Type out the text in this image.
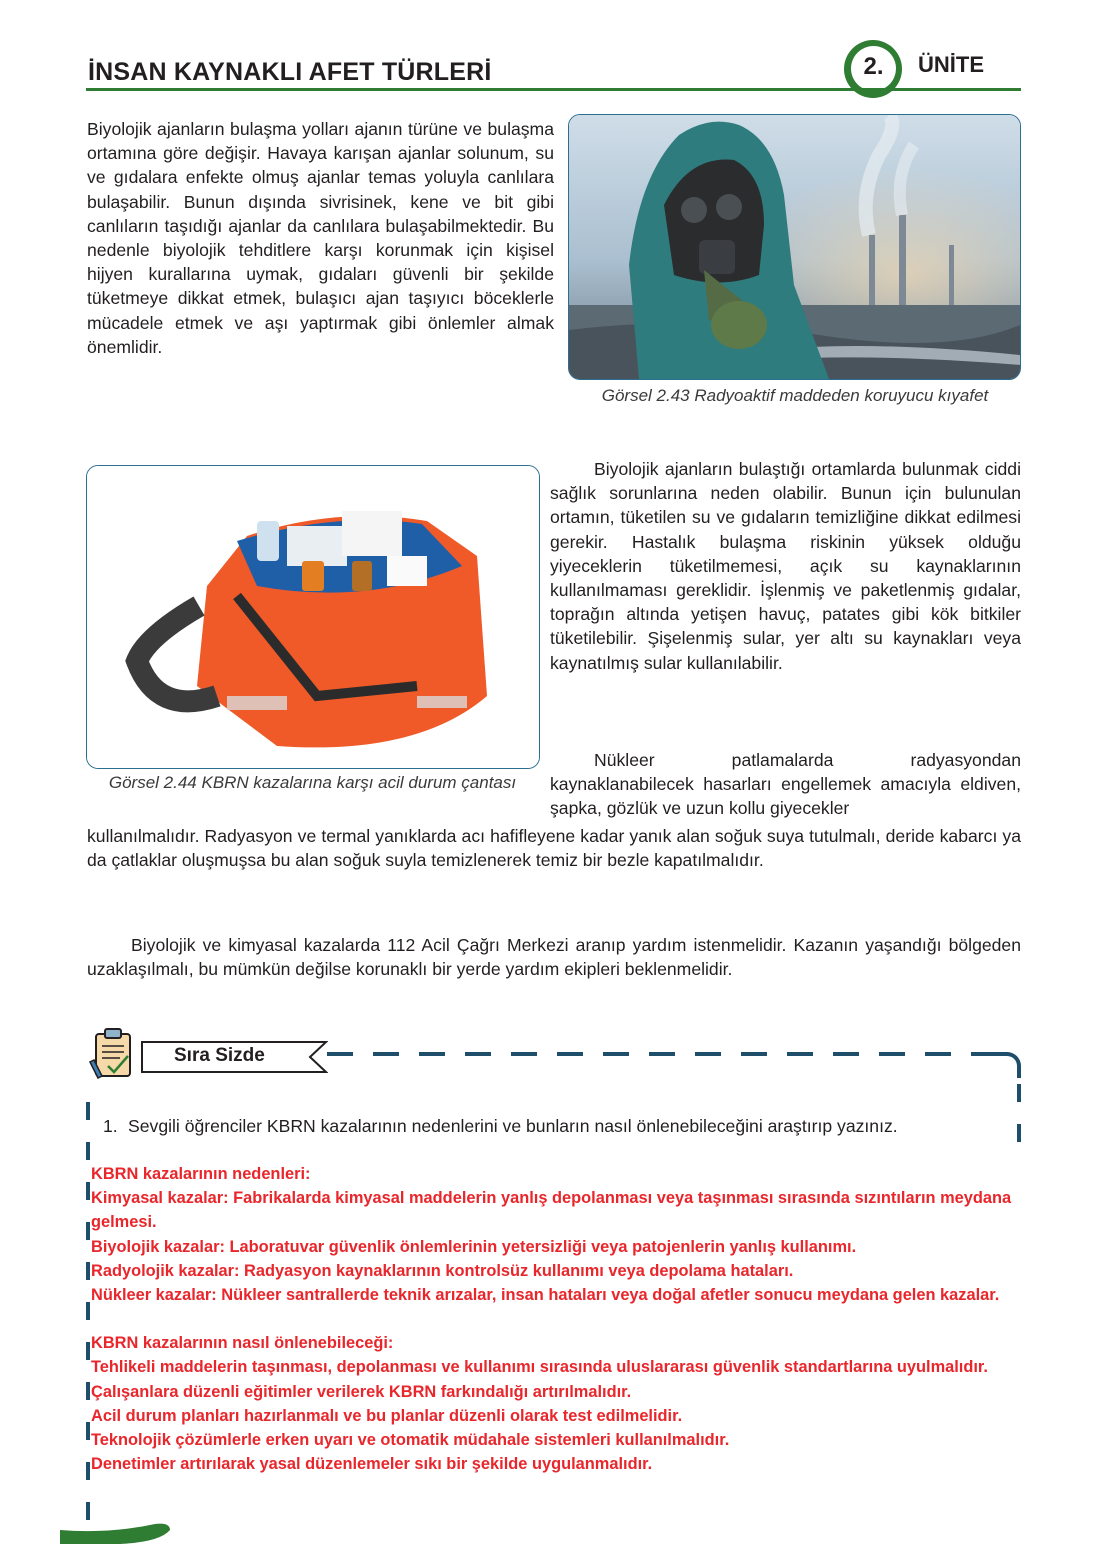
İNSAN KAYNAKLI AFET TÜRLERİ	2.	ÜNİTE
Biyolojik ajanların bulaşma yolları ajanın türüne ve bulaşma ortamına göre değişir. Havaya karışan ajanlar solunum, su ve gıdalara enfekte olmuş ajanlar temas yoluyla canlılara bulaşabilir. Bunun dışında sivrisinek, kene ve bit gibi canlıların taşıdığı ajanlar da canlılara bulaşabilmektedir. Bu nedenle biyolojik tehditlere karşı korunmak için kişisel hijyen kurallarına uymak, gıdaları güvenli bir şekilde tüketmeye dikkat etmek, bulaşıcı ajan taşıyıcı böceklerle mücadele etmek ve aşı yaptırmak gibi önlemler almak önemlidir.
Görsel 2.43 Radyoaktif maddeden koruyucu kıyafet
Görsel 2.44 KBRN kazalarına karşı acil durum çantası
Biyolojik ajanların bulaştığı ortamlarda bulunmak ciddi sağlık sorunlarına neden olabilir. Bunun için bulunulan ortamın, tüketilen su ve gıdaların temizliğine dikkat edilmesi gerekir. Hastalık bulaşma riskinin yüksek olduğu yiyeceklerin tüketilmemesi, açık su kaynaklarının kullanılmaması gereklidir. İşlenmiş ve paketlenmiş gıdalar, toprağın altında yetişen havuç, patates gibi kök bitkiler tüketilebilir. Şişelenmiş sular, yer altı su kaynakları veya kaynatılmış sular kullanılabilir.
Nükleer patlamalarda radyasyondan kaynaklanabilecek hasarları engellemek amacıyla eldiven, şapka, gözlük ve uzun kollu giyecekler
kullanılmalıdır. Radyasyon ve termal yanıklarda acı hafifleyene kadar yanık alan soğuk suya tutulmalı, deride kabarcı ya da çatlaklar oluşmuşsa bu alan soğuk suyla temizlenerek temiz bir bezle kapatılmalıdır.
Biyolojik ve kimyasal kazalarda 112 Acil Çağrı Merkezi aranıp yardım istenmelidir. Kazanın yaşandığı bölgeden uzaklaşılmalı, bu mümkün değilse korunaklı bir yerde yardım ekipleri beklenmelidir.
Sıra Sizde
1. Sevgili öğrenciler KBRN kazalarının nedenlerini ve bunların nasıl önlenebileceğini araştırıp yazınız.
KBRN kazalarının nedenleri:
Kimyasal kazalar: Fabrikalarda kimyasal maddelerin yanlış depolanması veya taşınması sırasında sızıntıların meydana gelmesi.
Biyolojik kazalar: Laboratuvar güvenlik önlemlerinin yetersizliği veya patojenlerin yanlış kullanımı.
Radyolojik kazalar: Radyasyon kaynaklarının kontrolsüz kullanımı veya depolama hataları.
Nükleer kazalar: Nükleer santrallerde teknik arızalar, insan hataları veya doğal afetler sonucu meydana gelen kazalar.
KBRN kazalarının nasıl önlenebileceği:
Tehlikeli maddelerin taşınması, depolanması ve kullanımı sırasında uluslararası güvenlik standartlarına uyulmalıdır.
Çalışanlara düzenli eğitimler verilerek KBRN farkındalığı artırılmalıdır.
Acil durum planları hazırlanmalı ve bu planlar düzenli olarak test edilmelidir.
Teknolojik çözümlerle erken uyarı ve otomatik müdahale sistemleri kullanılmalıdır.
Denetimler artırılarak yasal düzenlemeler sıkı bir şekilde uygulanmalıdır.
